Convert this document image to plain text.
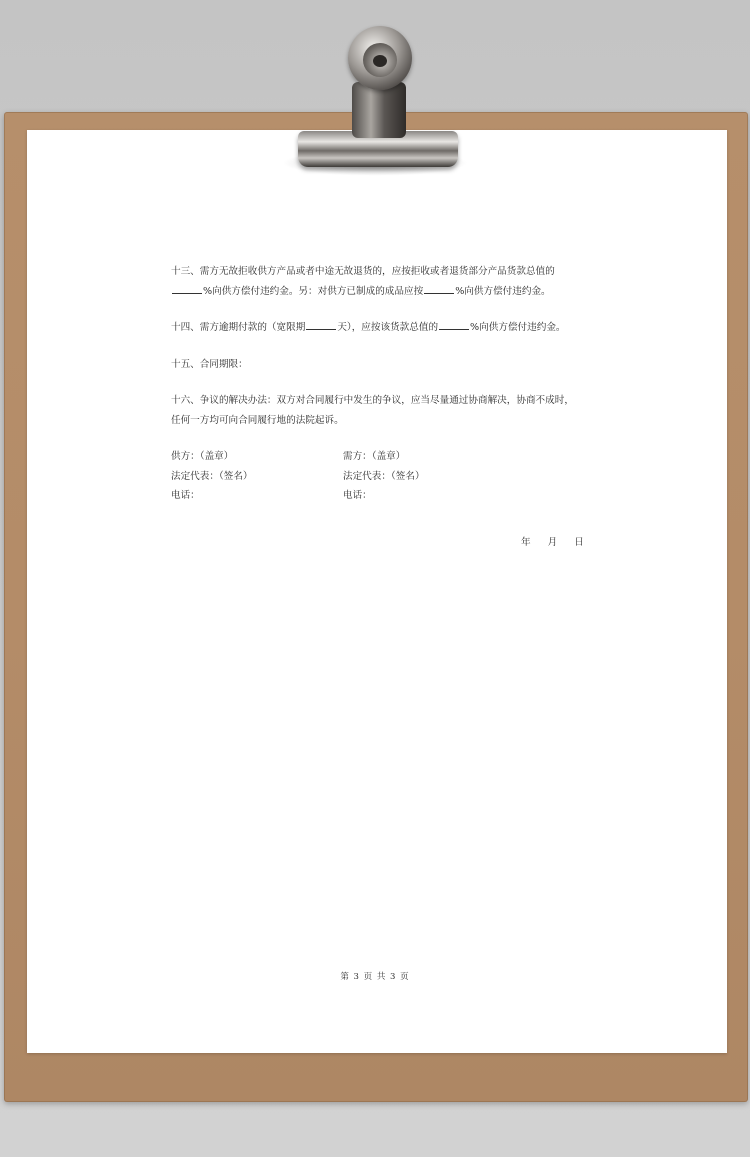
十三、需方无故拒收供方产品或者中途无故退货的，应按拒收或者退货部分产品货款总值的

%向供方偿付违约金。另：对供方已制成的成品应按	%向供方偿付违约金。

十四、需方逾期付款的（宽限期	天），应按该货款总值的	%向供方偿付违约金。

十五、合同期限：

十六、争议的解决办法：双方对合同履行中发生的争议，应当尽量通过协商解决，协商不成时，

任何一方均可向合同履行地的法院起诉。

供方：（盖章）	需方：（盖章）
法定代表：（签名）	法定代表：（签名）
电话：	电话：
年 月 日
第 3 页 共 3 页
